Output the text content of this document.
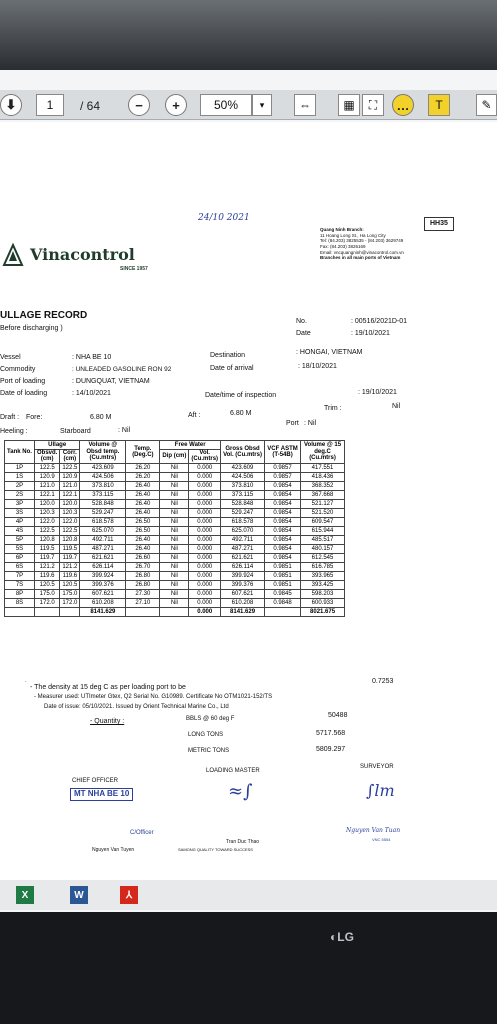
⬇	1	/ 64	−	+	50%	▾	⇔	▦	⛶	…	T	✎
24/10 2021
HH35
Vinacontrol
SINCE 1957
Quang Ninh Branch:
11 Hoang Long St., Ha Long City
Tel: (84.203) 3825535 - (84.203) 3629749
Fax: (84.203) 3826169
Email: vncquangninh@vinacontrol.com.vn
Branches in all main ports of Vietnam
ULLAGE RECORD
Before discharging )
No.	: 00516/2021D-01
Date	: 19/10/2021
Vessel	: NHA BE 10
Commodity	: UNLEADED GASOLINE RON 92
Port of loading	: DUNGQUAT, VIETNAM
Date of loading	: 14/10/2021
Destination	: HONGAI, VIETNAM
Date of arrival	: 18/10/2021
Date/time of inspection	: 19/10/2021
Draft : Fore:	6.80 M	Aft :	6.80 M
Trim :	Nil
Heeling :	Starboard	: Nil
Port : Nil
Tank No.	Ullage		Volume @ Obsd temp. (Cu.mtrs)	Temp. (Deg.C)	Free Water		Gross Obsd Vol. (Cu.mtrs)	VCF ASTM (T-54B)	Volume @ 15 deg.C (Cu.mtrs)
	Obsvd.
(cm)	Corr.
(cm)			Dip (cm)	Vol.
(Cu.mtrs)			
1P	122.5	122.5	423.609	26.20	Nil	0.000	423.609	0.9857	417.551
1S	120.9	120.9	424.506	26.20	Nil	0.000	424.506	0.9857	418.436
2P	121.0	121.0	373.810	26.40	Nil	0.000	373.810	0.9854	368.352
2S	122.1	122.1	373.115	26.40	Nil	0.000	373.115	0.9854	367.668
3P	120.0	120.0	528.848	26.40	Nil	0.000	528.848	0.9854	521.127
3S	120.3	120.3	529.247	26.40	Nil	0.000	529.247	0.9854	521.520
4P	122.0	122.0	618.578	26.50	Nil	0.000	618.578	0.9854	609.547
4S	122.5	122.5	625.070	26.50	Nil	0.000	625.070	0.9854	615.944
5P	120.8	120.8	492.711	26.40	Nil	0.000	492.711	0.9854	485.517
5S	119.5	119.5	487.271	26.40	Nil	0.000	487.271	0.9854	480.157
6P	119.7	119.7	621.621	26.60	Nil	0.000	621.621	0.9854	612.545
6S	121.2	121.2	626.114	26.70	Nil	0.000	626.114	0.9851	616.785
7P	119.6	119.6	399.924	26.80	Nil	0.000	399.924	0.9851	393.965
7S	120.5	120.5	399.376	26.80	Nil	0.000	399.376	0.9851	393.425
8P	175.0	175.0	607.621	27.30	Nil	0.000	607.621	0.9845	598.203
8S	172.0	172.0	610.208	27.10	Nil	0.000	610.208	0.9848	600.933
			8141.629			0.000	8141.629		8021.675
- The density at 15 deg C as per loading port to be
0.7253
- Measurer used: UTImeter Gtex, Q2 Serial No. G10989. Certificate No OTM1021-152/TS
Date of issue: 05/10/2021. Issued by Orient Technical Marine Co., Ltd
- Quantity :	BBLS @ 60 deg F	50488
LONG TONS	5717.568
METRIC TONS	5809.297
CHIEF OFFICER
MT NHA BE 10
C/Officer
Nguyen Van Tuyen
LOADING MASTER
≈∫
Tran Duc Thao
SAMONG QUALITY TOWARD SUCCESS
SURVEYOR
∫lm
Nguyen Van Tuan
VNC 5554
X	W	⅄
◐LG
